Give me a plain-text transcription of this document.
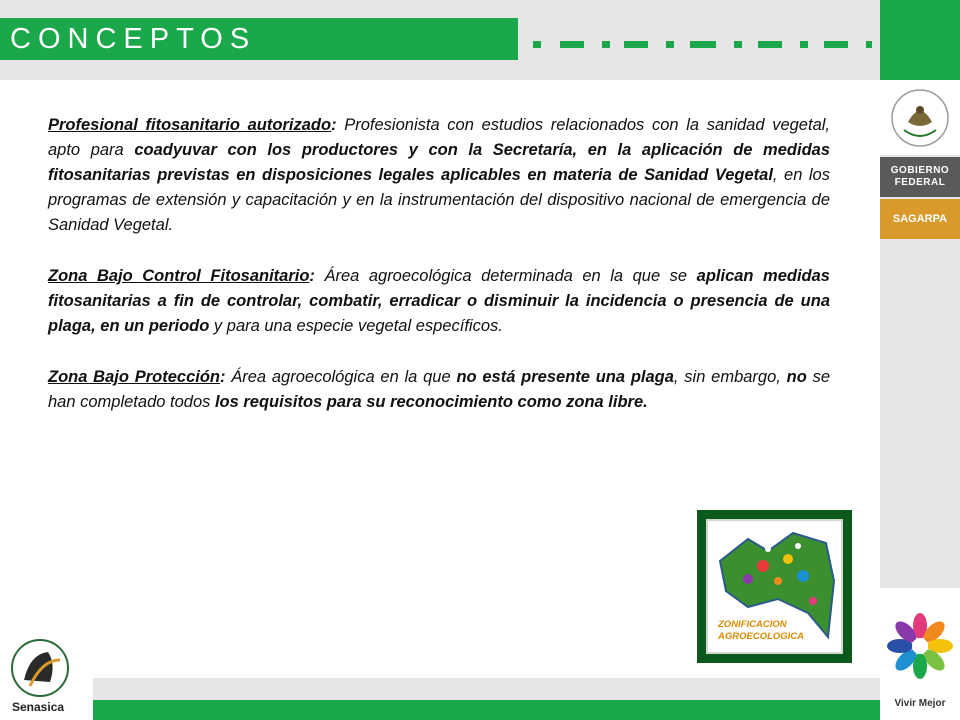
CONCEPTOS
GOBIERNO
FEDERAL
SAGARPA
Vivir Mejor

Profesional fitosanitario autorizado: Profesionista con estudios relacionados con la sanidad vegetal, apto para coadyuvar con los productores y con la Secretaría, en la aplicación de medidas fitosanitarias previstas en disposiciones legales aplicables en materia de Sanidad Vegetal, en los programas de extensión y capacitación y en la instrumentación del dispositivo nacional de emergencia de Sanidad Vegetal.

Zona Bajo Control Fitosanitario: Área agroecológica determinada en la que se aplican medidas fitosanitarias a fin de controlar, combatir, erradicar o disminuir la incidencia o presencia de una plaga, en un periodo y para una especie vegetal específicos.

Zona Bajo Protección: Área agroecológica en la que no está presente una plaga, sin embargo, no se han completado todos los requisitos para su reconocimiento como zona libre.

ZONIFICACION
AGROECOLOGICA
Senasica
